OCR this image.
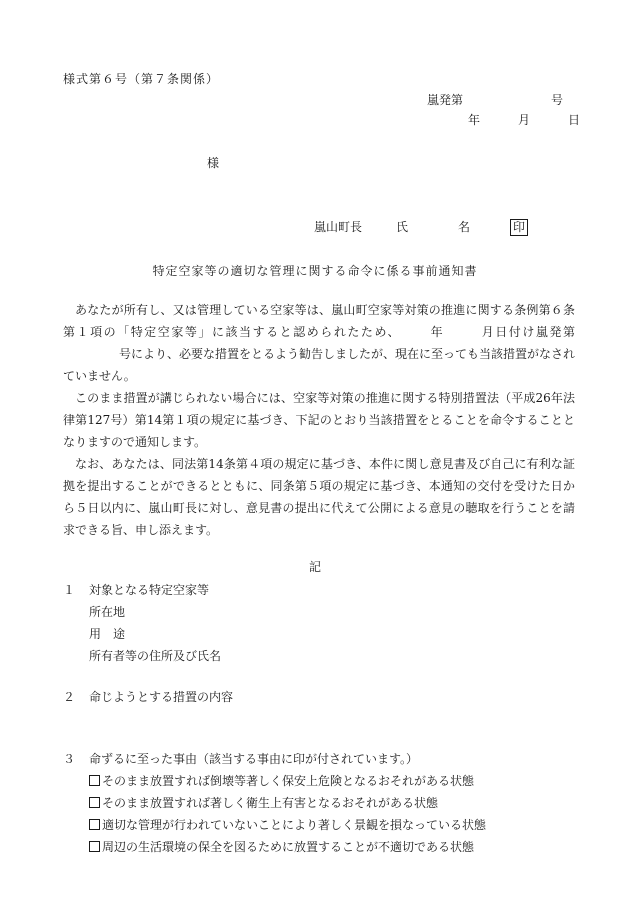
様式第６号（第７条関係）
嵐発第	号
年	月	日
様
嵐山町長	氏	名	印
特定空家等の適切な管理に関する命令に係る事前通知書

あなたが所有し、又は管理している空家等は、嵐山町空家等対策の推進に関する条例第６条第１項の「特定空家等」に該当すると認められたため、 年	月日付け嵐発第号により、必要な措置をとるよう勧告しましたが、現在に至っても当該措置がなされていません。

このまま措置が講じられない場合には、空家等対策の推進に関する特別措置法（平成26年法律第127号）第14第１項の規定に基づき、下記のとおり当該措置をとることを命令することとなりますので通知します。

なお、あなたは、同法第14条第４項の規定に基づき、本件に関し意見書及び自己に有利な証拠を提出することができるとともに、同条第５項の規定に基づき、本通知の交付を受けた日から５日以内に、嵐山町長に対し、意見書の提出に代えて公開による意見の聴取を行うことを請求できる旨、申し添えます。

記
１ 対象となる特定空家等
所在地
用　途
所有者等の住所及び氏名
２ 命じようとする措置の内容
３ 命ずるに至った事由（該当する事由に印が付されています。）
そのまま放置すれば倒壊等著しく保安上危険となるおそれがある状態
そのまま放置すれば著しく衛生上有害となるおそれがある状態
適切な管理が行われていないことにより著しく景観を損なっている状態
周辺の生活環境の保全を図るために放置することが不適切である状態
